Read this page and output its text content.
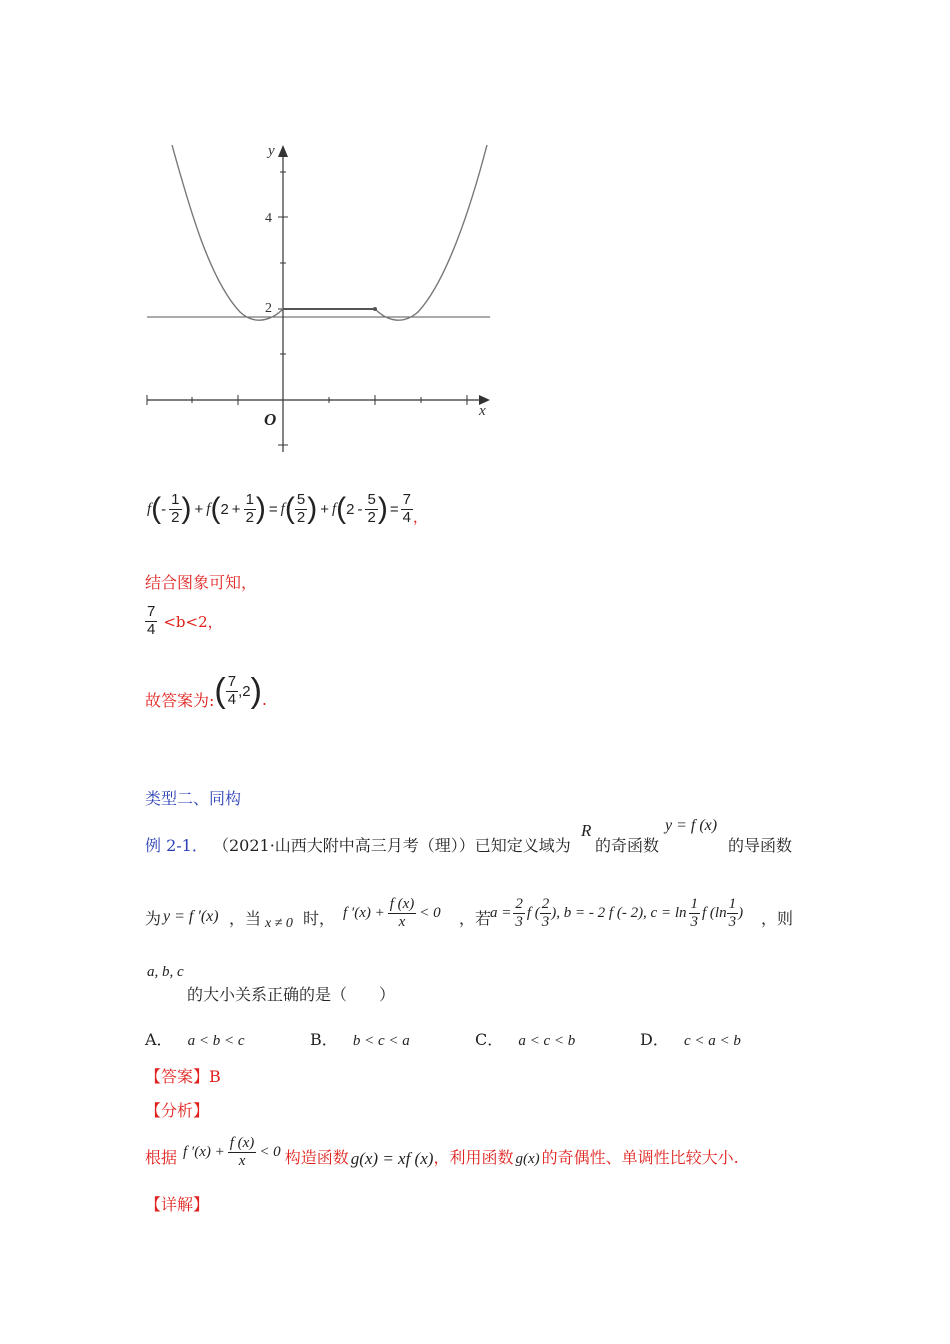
y
x
O
4
2
f ( - $\frac{1}{2}$ ) + f ( $2 + \frac{1}{2}$ ) = f ( $\frac{5}{2}$ ) + f ( $2 - \frac{5}{2}$ ) = $\frac{7}{4}$ ，
结合图象可知，
$\frac{7}{4} <b<2$，
故答案为: ( $\frac{7}{4} ,2$ ) .
类型二、同构
例 2-1． （2021·山西大附中高三月考（理））已知定义域为
R
的奇函数
y = f (x)
的导函数
为 y = f ′(x) ，当 x ≠ 0 时， f $'(x) + \frac{f (x)}{x} < 0$ ，若
$a = \frac{2}{3}$ f ( $\frac{2}{3}$ ), b = - 2 f (- 2), $c = \ln \frac{1}{3}$ f ($\ln \frac{1}{3}$ ) ，则
a, b, c
的大小关系正确的是（　　）
A． a < b < c	B． b < c < a	C． a < c < b	D． c < a < b
【答案】B
【分析】
根据 f $'(x) + \frac{f (x)}{x} < 0$ 构造函数 g(x) = xf (x) ，利用函数 g(x) 的奇偶性、单调性比较大小.
【详解】
